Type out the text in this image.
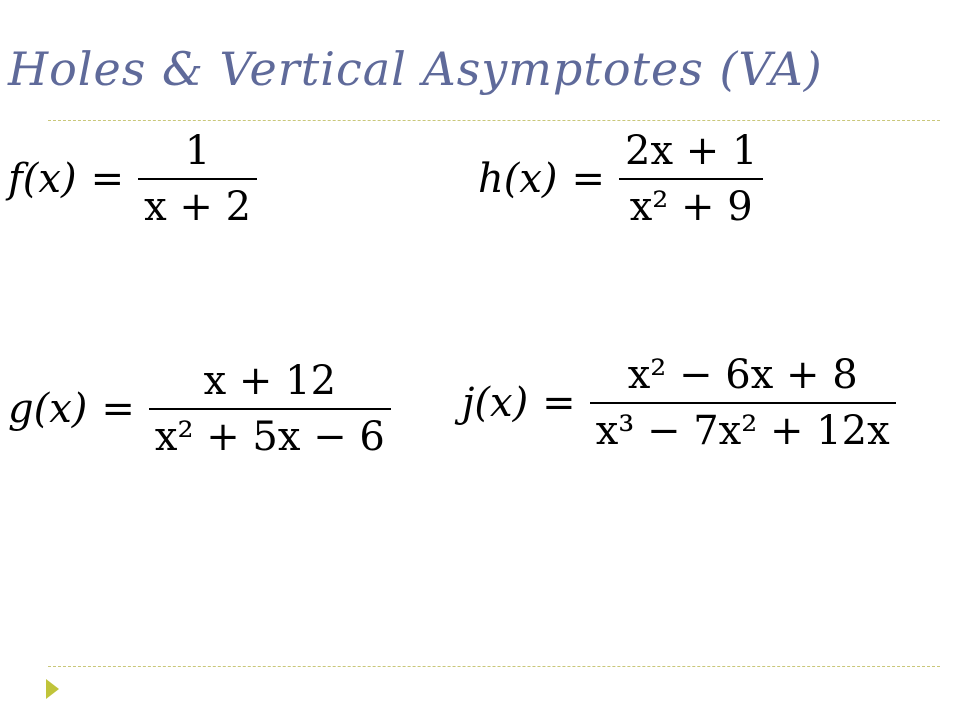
Holes & Vertical Asymptotes (VA)
$f(x) = \frac{1}{x + 2}$	$h(x) = \frac{2x + 1}{\text{x² + 9}}$
$g(x) = \frac{x + 12}{\text{x² + 5x − 6}} j(x) = \frac{\text{x² − 6x + 8}}{\text{x³ − 7x² + 12x}}$
